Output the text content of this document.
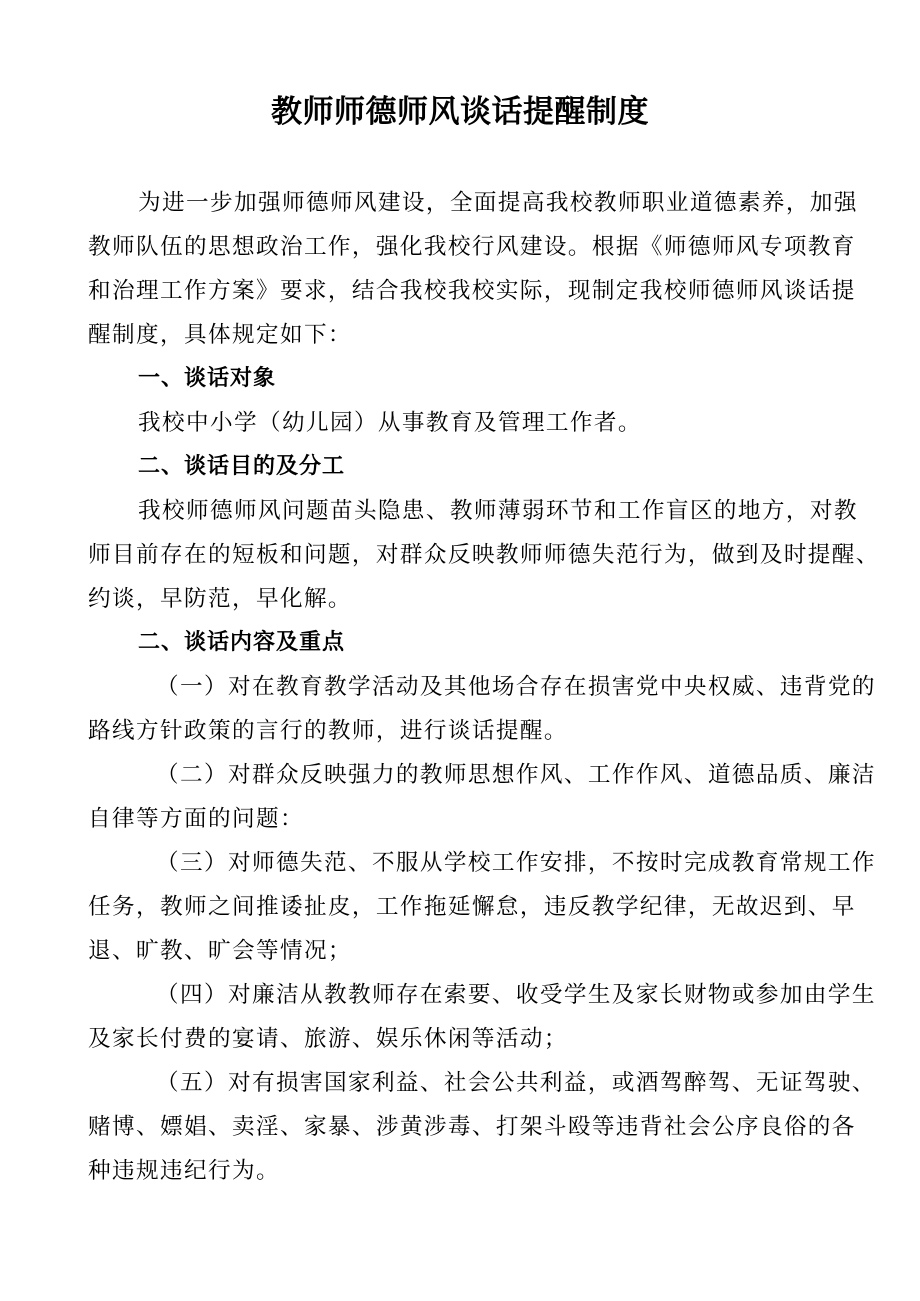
教师师德师风谈话提醒制度

为进一步加强师德师风建设，全面提高我校教师职业道德素养，加强

教师队伍的思想政治工作，强化我校行风建设。根据《师德师风专项教育

和治理工作方案》要求，结合我校我校实际，现制定我校师德师风谈话提

醒制度，具体规定如下：

一、谈话对象

我校中小学（幼儿园）从事教育及管理工作者。

二、谈话目的及分工

我校师德师风问题苗头隐患、教师薄弱环节和工作盲区的地方，对教

师目前存在的短板和问题，对群众反映教师师德失范行为，做到及时提醒、

约谈，早防范，早化解。

二、谈话内容及重点

（一）对在教育教学活动及其他场合存在损害党中央权威、违背党的

路线方针政策的言行的教师，进行谈话提醒。

（二）对群众反映强力的教师思想作风、工作作风、道德品质、廉洁

自律等方面的问题：

（三）对师德失范、不服从学校工作安排，不按时完成教育常规工作

任务，教师之间推诿扯皮，工作拖延懈怠，违反教学纪律，无故迟到、早

退、旷教、旷会等情况；

（四）对廉洁从教教师存在索要、收受学生及家长财物或参加由学生

及家长付费的宴请、旅游、娱乐休闲等活动；

（五）对有损害国家利益、社会公共利益，或酒驾醉驾、无证驾驶、

赌博、嫖娼、卖淫、家暴、涉黄涉毒、打架斗殴等违背社会公序良俗的各

种违规违纪行为。
